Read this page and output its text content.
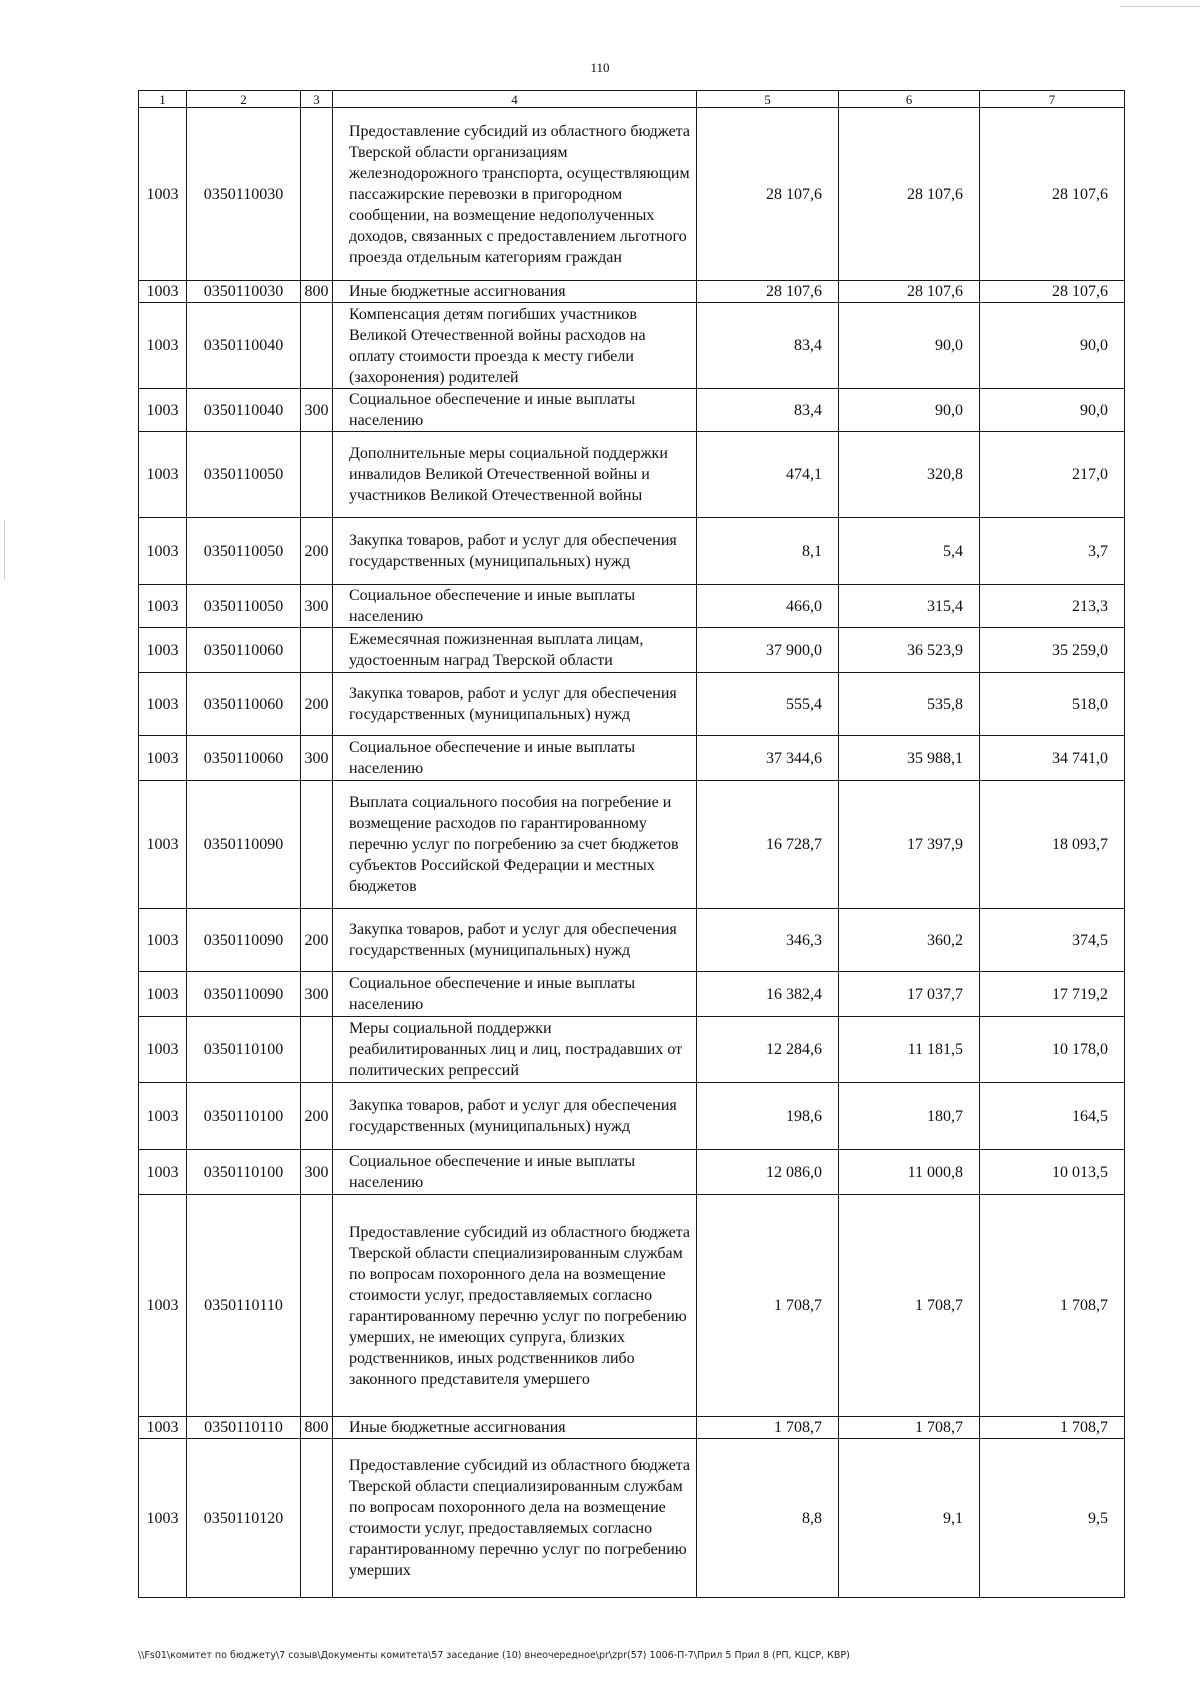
110
1	2	3	4	5	6	7
1003	0350110030		Предоставление субсидий из областного бюджета Тверской области организациям железнодорожного транспорта, осуществляющим пассажирские перевозки в пригородном сообщении, на возмещение недополученных доходов, связанных с предоставлением льготного проезда отдельным категориям граждан	28 107,6	28 107,6	28 107,6
1003	0350110030	800	Иные бюджетные ассигнования	28 107,6	28 107,6	28 107,6
1003	0350110040		Компенсация детям погибших участников Великой Отечественной войны расходов на оплату стоимости проезда к месту гибели (захоронения) родителей	83,4	90,0	90,0
1003	0350110040	300	Социальное обеспечение и иные выплаты населению	83,4	90,0	90,0
1003	0350110050		Дополнительные меры социальной поддержки инвалидов Великой Отечественной войны и участников Великой Отечественной войны	474,1	320,8	217,0
1003	0350110050	200	Закупка товаров, работ и услуг для обеспечения государственных (муниципальных) нужд	8,1	5,4	3,7
1003	0350110050	300	Социальное обеспечение и иные выплаты населению	466,0	315,4	213,3
1003	0350110060		Ежемесячная пожизненная выплата лицам, удостоенным наград Тверской области	37 900,0	36 523,9	35 259,0
1003	0350110060	200	Закупка товаров, работ и услуг для обеспечения государственных (муниципальных) нужд	555,4	535,8	518,0
1003	0350110060	300	Социальное обеспечение и иные выплаты населению	37 344,6	35 988,1	34 741,0
1003	0350110090		Выплата социального пособия на погребение и возмещение расходов по гарантированному перечню услуг по погребению за счет бюджетов субъектов Российской Федерации и местных бюджетов	16 728,7	17 397,9	18 093,7
1003	0350110090	200	Закупка товаров, работ и услуг для обеспечения государственных (муниципальных) нужд	346,3	360,2	374,5
1003	0350110090	300	Социальное обеспечение и иные выплаты населению	16 382,4	17 037,7	17 719,2
1003	0350110100		Меры социальной поддержки реабилитированных лиц и лиц, пострадавших от политических репрессий	12 284,6	11 181,5	10 178,0
1003	0350110100	200	Закупка товаров, работ и услуг для обеспечения государственных (муниципальных) нужд	198,6	180,7	164,5
1003	0350110100	300	Социальное обеспечение и иные выплаты населению	12 086,0	11 000,8	10 013,5
1003	0350110110		Предоставление субсидий из областного бюджета Тверской области специализированным службам по вопросам похоронного дела на возмещение стоимости услуг, предоставляемых согласно гарантированному перечню услуг по погребению умерших, не имеющих супруга, близких родственников, иных родственников либо законного представителя умершего	1 708,7	1 708,7	1 708,7
1003	0350110110	800	Иные бюджетные ассигнования	1 708,7	1 708,7	1 708,7
1003	0350110120		Предоставление субсидий из областного бюджета Тверской области специализированным службам по вопросам похоронного дела на возмещение стоимости услуг, предоставляемых согласно гарантированному перечню услуг по погребению умерших	8,8	9,1	9,5
\\Fs01\комитет по бюджету\7 созыв\Документы комитета\57 заседание (10) внеочередное\pr\zpr(57) 1006-П-7\Прил 5 Прил 8 (РП, КЦСР, КВР)
